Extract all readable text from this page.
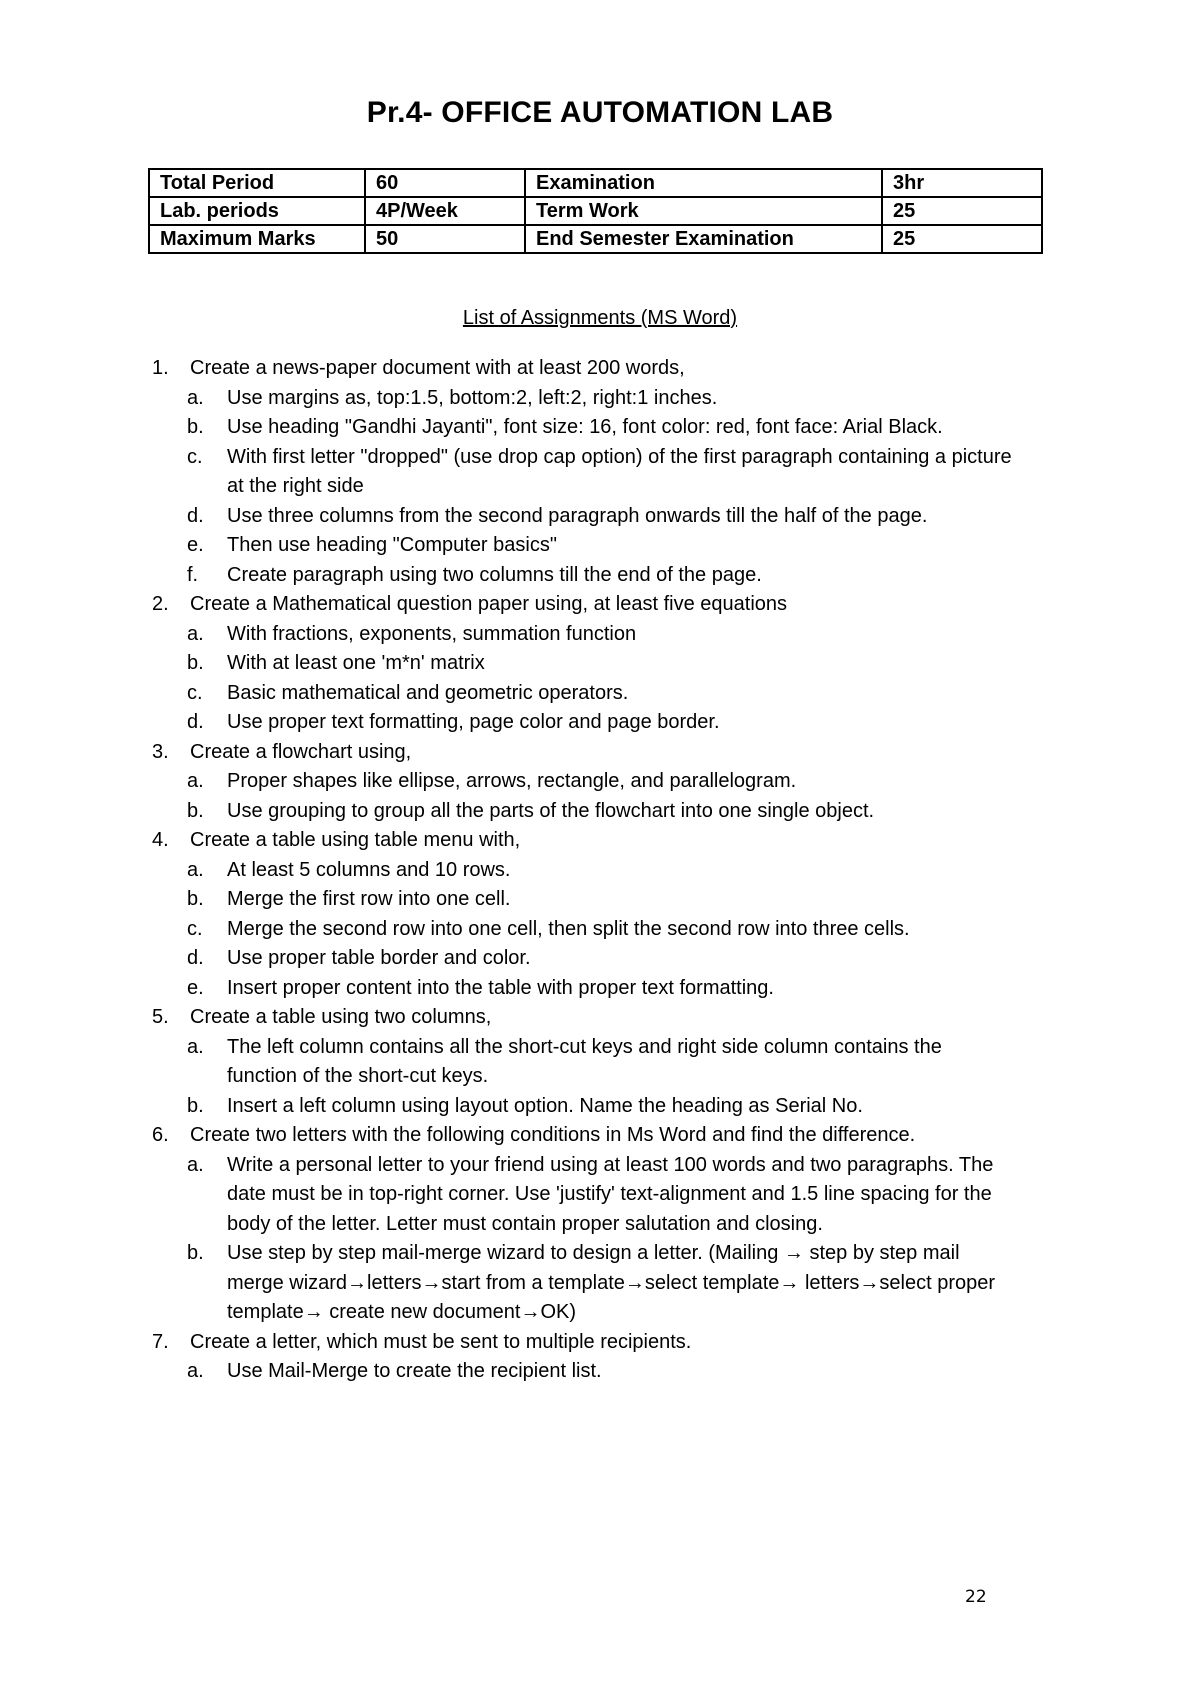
Pr.4- OFFICE AUTOMATION LAB
Total Period	60	Examination	3hr
Lab. periods	4P/Week	Term Work	25
Maximum Marks	50	End Semester Examination	25
List of Assignments (MS Word)
1. Create a news-paper document with at least 200 words,
a. Use margins as, top:1.5, bottom:2, left:2, right:1 inches.
b. Use heading "Gandhi Jayanti", font size: 16, font color: red, font face: Arial Black.
c. With first letter "dropped" (use drop cap option) of the first paragraph containing a picture at the right side
d. Use three columns from the second paragraph onwards till the half of the page.
e. Then use heading "Computer basics"
f. Create paragraph using two columns till the end of the page.
2. Create a Mathematical question paper using, at least five equations
a. With fractions, exponents, summation function
b. With at least one 'm*n' matrix
c. Basic mathematical and geometric operators.
d. Use proper text formatting, page color and page border.
3. Create a flowchart using,
a. Proper shapes like ellipse, arrows, rectangle, and parallelogram.
b. Use grouping to group all the parts of the flowchart into one single object.
4. Create a table using table menu with,
a. At least 5 columns and 10 rows.
b. Merge the first row into one cell.
c. Merge the second row into one cell, then split the second row into three cells.
d. Use proper table border and color.
e. Insert proper content into the table with proper text formatting.
5. Create a table using two columns,
a. The left column contains all the short-cut keys and right side column contains the function of the short-cut keys.
b. Insert a left column using layout option. Name the heading as Serial No.
6. Create two letters with the following conditions in Ms Word and find the difference.
a. Write a personal letter to your friend using at least 100 words and two paragraphs. The date must be in top-right corner. Use 'justify' text-alignment and 1.5 line spacing for the body of the letter. Letter must contain proper salutation and closing.
b. Use step by step mail-merge wizard to design a letter. (Mailing → step by step mail merge wizard→letters→start from a template→select template→ letters→select proper template→ create new document→OK)
7. Create a letter, which must be sent to multiple recipients.
a. Use Mail-Merge to create the recipient list.
22
